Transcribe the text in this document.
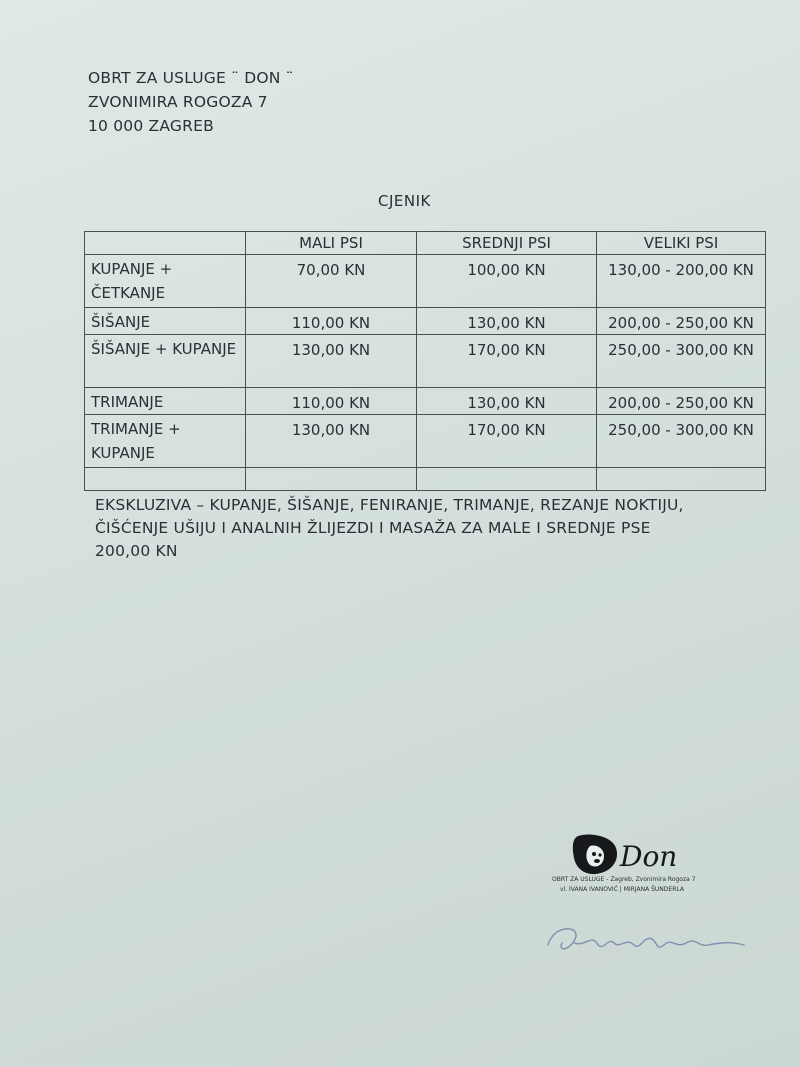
OBRT ZA USLUGE ¨ DON ¨
ZVONIMIRA ROGOZA 7
10 000 ZAGREB
CJENIK
	MALI PSI	SREDNJI PSI	VELIKI PSI
KUPANJE + ČETKANJE	70,00 KN	100,00 KN	130,00 - 200,00 KN
ŠIŠANJE	110,00 KN	130,00 KN	200,00 - 250,00 KN
ŠIŠANJE + KUPANJE	130,00 KN	170,00 KN	250,00 - 300,00 KN
TRIMANJE	110,00 KN	130,00 KN	200,00 - 250,00 KN
TRIMANJE + KUPANJE	130,00 KN	170,00 KN	250,00 - 300,00 KN

EKSKLUZIVA – KUPANJE, ŠIŠANJE, FENIRANJE, TRIMANJE, REZANJE NOKTIJU, ČIŠĆENJE UŠIJU I ANALNIH ŽLIJEZDI I MASAŽA ZA MALE I SREDNJE PSE 200,00 KN
Don
OBRT ZA USLUGE - Zagreb, Zvonimira Rogoza 7
vl. IVANA IVANOVIĆ | MIRJANA ŠUNDERLA
